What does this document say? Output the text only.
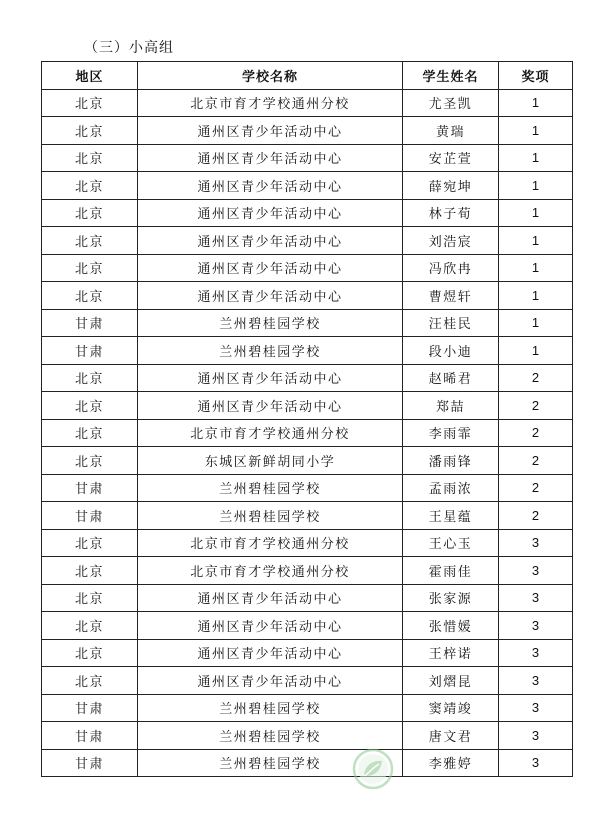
（三）小高组
地区	学校名称	学生姓名	奖项
北京	北京市育才学校通州分校	尤圣凯	1
北京	通州区青少年活动中心	黄瑞	1
北京	通州区青少年活动中心	安芷萱	1
北京	通州区青少年活动中心	薛宛坤	1
北京	通州区青少年活动中心	林子荀	1
北京	通州区青少年活动中心	刘浩宸	1
北京	通州区青少年活动中心	冯欣冉	1
北京	通州区青少年活动中心	曹煜轩	1
甘肃	兰州碧桂园学校	汪桂民	1
甘肃	兰州碧桂园学校	段小迪	1
北京	通州区青少年活动中心	赵晞君	2
北京	通州区青少年活动中心	郑喆	2
北京	北京市育才学校通州分校	李雨霏	2
北京	东城区新鲜胡同小学	潘雨锋	2
甘肃	兰州碧桂园学校	孟雨浓	2
甘肃	兰州碧桂园学校	王星蕴	2
北京	北京市育才学校通州分校	王心玉	3
北京	北京市育才学校通州分校	霍雨佳	3
北京	通州区青少年活动中心	张家源	3
北京	通州区青少年活动中心	张惜媛	3
北京	通州区青少年活动中心	王梓诺	3
北京	通州区青少年活动中心	刘熠昆	3
甘肃	兰州碧桂园学校	窦靖竣	3
甘肃	兰州碧桂园学校	唐文君	3
甘肃	兰州碧桂园学校	李雅婷	3
